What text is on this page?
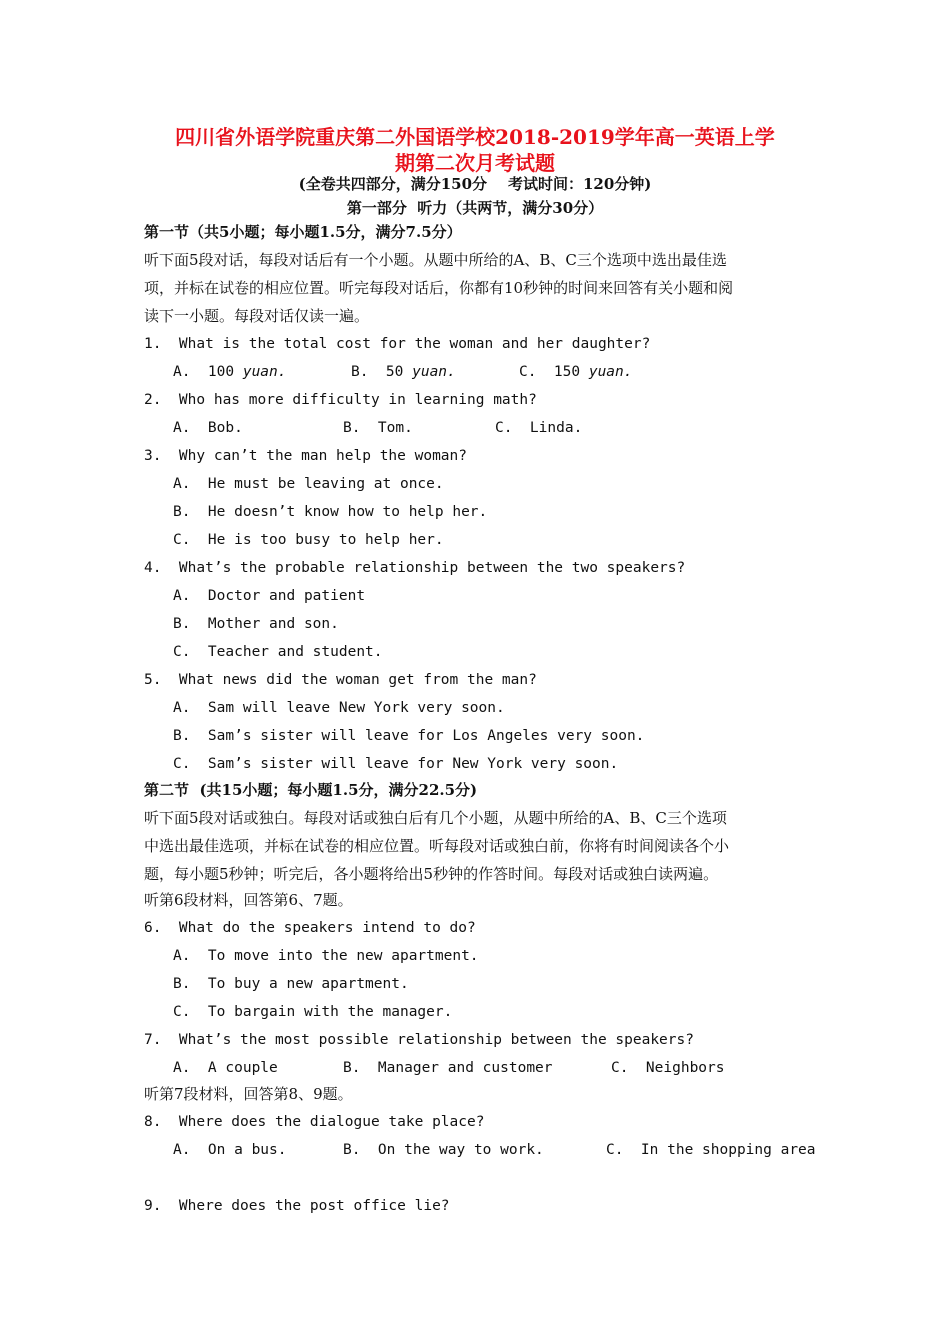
四川省外语学院重庆第二外国语学校2018-2019学年高一英语上学
期第二次月考试题
(全卷共四部分，满分150分    考试时间：120分钟)
第一部分  听力（共两节，满分30分）
第一节（共5小题；每小题1.5分，满分7.5分）
听下面5段对话，每段对话后有一个小题。从题中所给的A、B、C三个选项中选出最佳选
项，并标在试卷的相应位置。听完每段对话后，你都有10秒钟的时间来回答有关小题和阅
读下一小题。每段对话仅读一遍。
1.  What is the total cost for the woman and her daughter?
A.  100 yuan.	B.  50 yuan.	C.  150 yuan.
2.  Who has more difficulty in learning math?
A.  Bob.	B.  Tom.	C.  Linda.
3.  Why can’t the man help the woman?
A.  He must be leaving at once.
B.  He doesn’t know how to help her.
C.  He is too busy to help her.
4.  What’s the probable relationship between the two speakers?
A.  Doctor and patient
B.  Mother and son.
C.  Teacher and student.
5.  What news did the woman get from the man?
A.  Sam will leave New York very soon.
B.  Sam’s sister will leave for Los Angeles very soon.
C.  Sam’s sister will leave for New York very soon.
第二节  (共15小题；每小题1.5分，满分22.5分)
听下面5段对话或独白。每段对话或独白后有几个小题，从题中所给的A、B、C三个选项
中选出最佳选项，并标在试卷的相应位置。听每段对话或独白前，你将有时间阅读各个小
题，每小题5秒钟；听完后，各小题将给出5秒钟的作答时间。每段对话或独白读两遍。
听第6段材料，回答第6、7题。
6.  What do the speakers intend to do?
A.  To move into the new apartment.
B.  To buy a new apartment.
C.  To bargain with the manager.
7.  What’s the most possible relationship between the speakers?
A.  A couple	B.  Manager and customer	C.  Neighbors
听第7段材料，回答第8、9题。
8.  Where does the dialogue take place?
A.  On a bus.	B.  On the way to work.	C.  In the shopping area
9.  Where does the post office lie?
